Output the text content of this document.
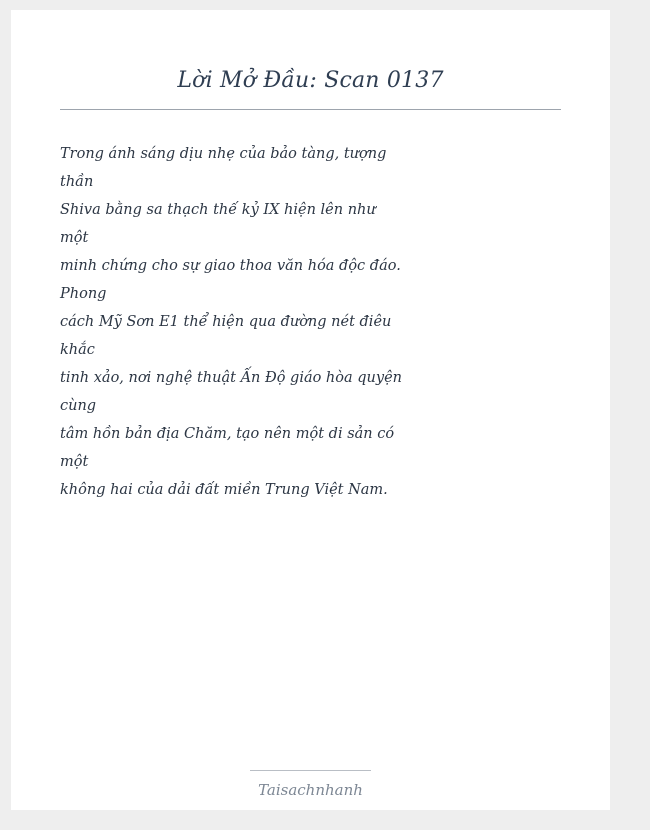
Lời Mở Đầu: Scan 0137
Trong ánh sáng dịu nhẹ của bảo tàng, tượng
thần
Shiva bằng sa thạch thế kỷ IX hiện lên như
một
minh chứng cho sự giao thoa văn hóa độc đáo.
Phong
cách Mỹ Sơn E1 thể hiện qua đường nét điêu
khắc
tinh xảo, nơi nghệ thuật Ấn Độ giáo hòa quyện
cùng
tâm hồn bản địa Chăm, tạo nên một di sản có
một
không hai của dải đất miền Trung Việt Nam.
Taisachnhanh
